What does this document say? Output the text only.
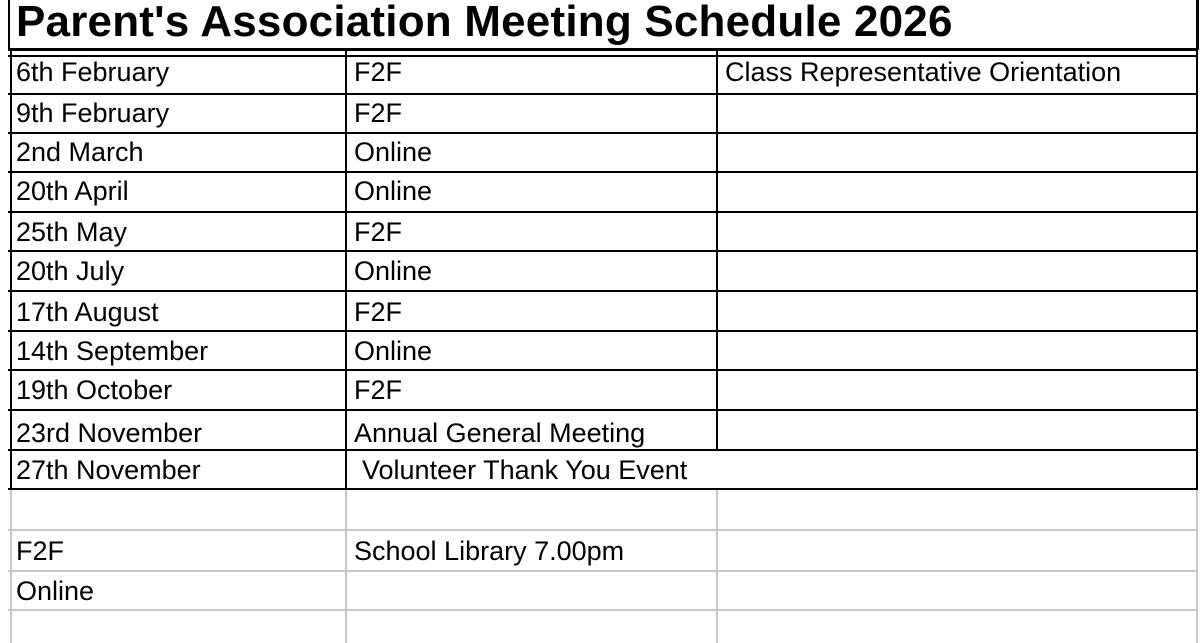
Parent's Association Meeting Schedule 2026
6th February	F2F	Class Representative Orientation
9th February	F2F
2nd March	Online
20th April	Online
25th May	F2F
20th July	Online
17th August	F2F
14th September	Online
19th October	F2F
23rd November	Annual General Meeting
27th November	Volunteer Thank You Event
F2F	School Library 7.00pm
Online
